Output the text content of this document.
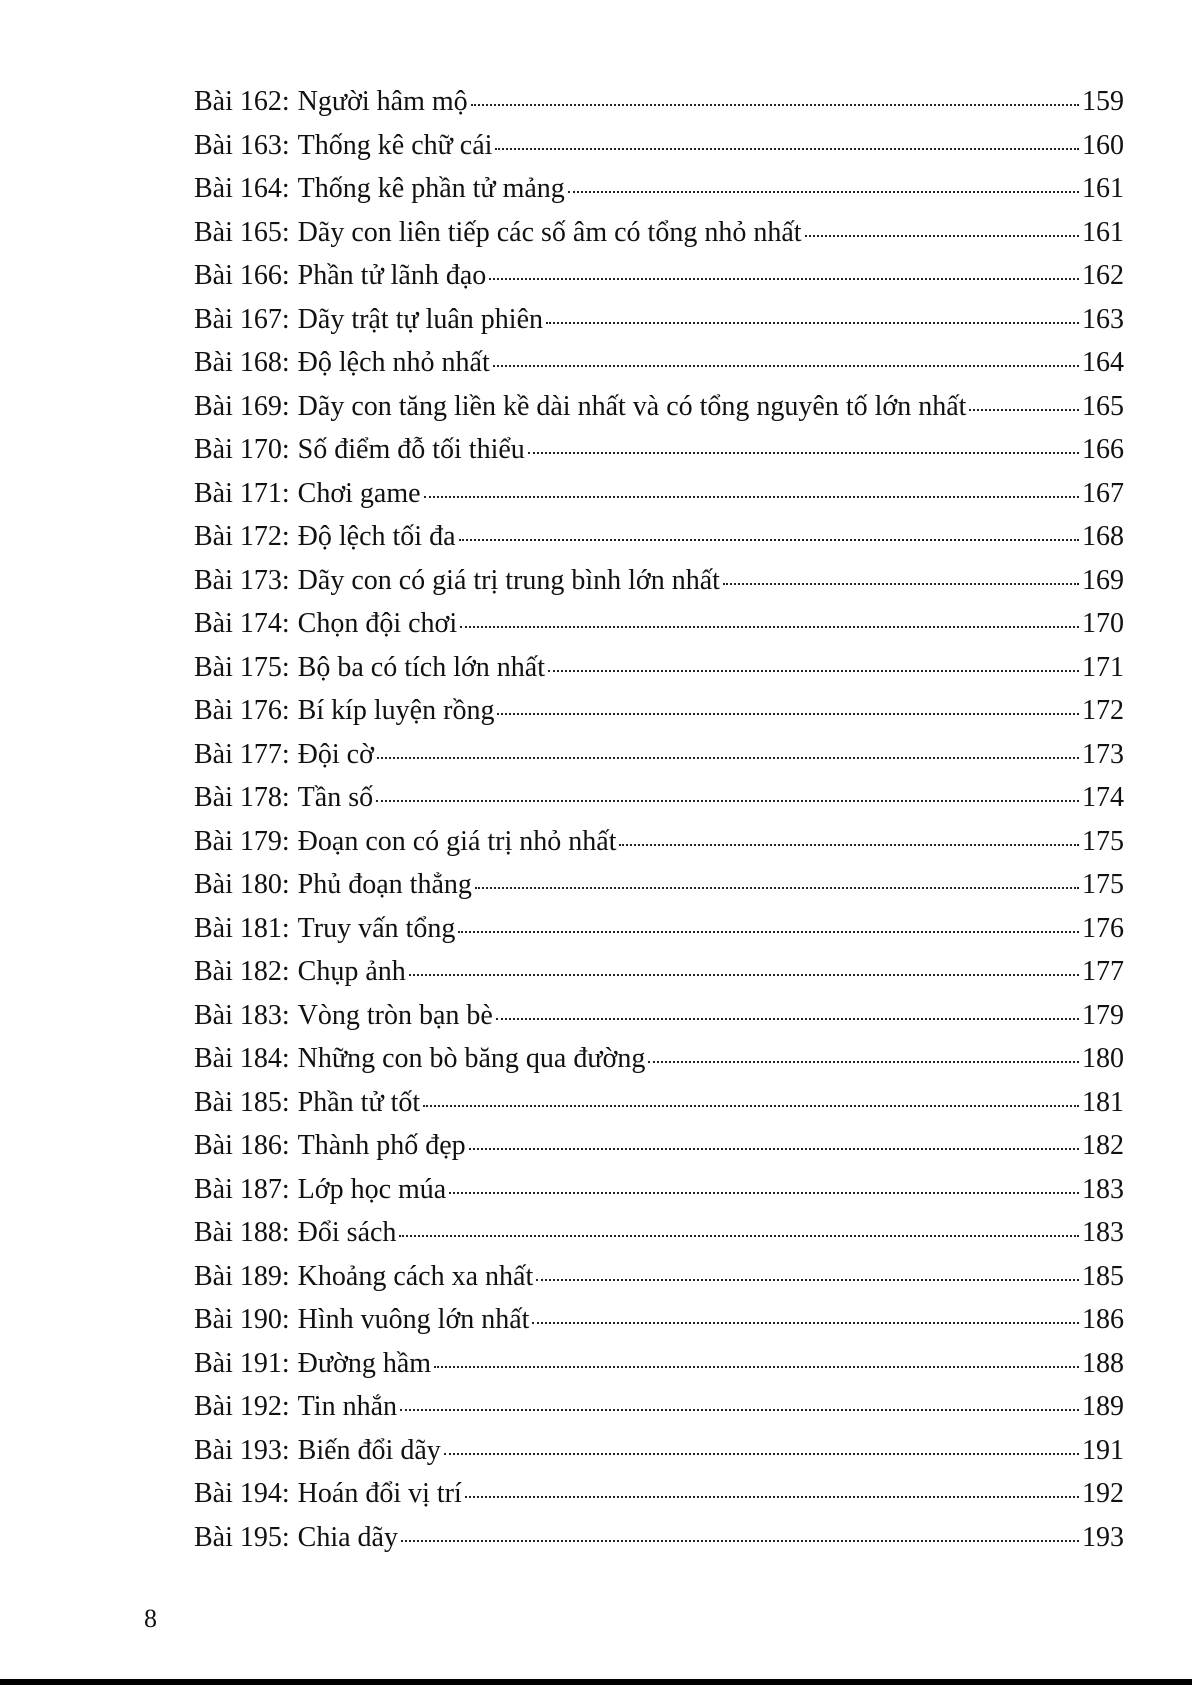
Bài 162: Người hâm mộ	159
Bài 163: Thống kê chữ cái	160
Bài 164: Thống kê phần tử mảng	161
Bài 165: Dãy con liên tiếp các số âm có tổng nhỏ nhất	161
Bài 166: Phần tử lãnh đạo	162
Bài 167: Dãy trật tự luân phiên	163
Bài 168: Độ lệch nhỏ nhất	164
Bài 169: Dãy con tăng liền kề dài nhất và có tổng nguyên tố lớn nhất	165
Bài 170: Số điểm đỗ tối thiểu	166
Bài 171: Chơi game	167
Bài 172: Độ lệch tối đa	168
Bài 173: Dãy con có giá trị trung bình lớn nhất	169
Bài 174: Chọn đội chơi	170
Bài 175: Bộ ba có tích lớn nhất	171
Bài 176: Bí kíp luyện rồng	172
Bài 177: Đội cờ	173
Bài 178: Tần số	174
Bài 179: Đoạn con có giá trị nhỏ nhất	175
Bài 180: Phủ đoạn thẳng	175
Bài 181: Truy vấn tổng	176
Bài 182: Chụp ảnh	177
Bài 183: Vòng tròn bạn bè	179
Bài 184: Những con bò băng qua đường	180
Bài 185: Phần tử tốt	181
Bài 186: Thành phố đẹp	182
Bài 187: Lớp học múa	183
Bài 188: Đổi sách	183
Bài 189: Khoảng cách xa nhất	185
Bài 190: Hình vuông lớn nhất	186
Bài 191: Đường hầm	188
Bài 192: Tin nhắn	189
Bài 193: Biến đổi dãy	191
Bài 194: Hoán đổi vị trí	192
Bài 195: Chia dãy	193
8
